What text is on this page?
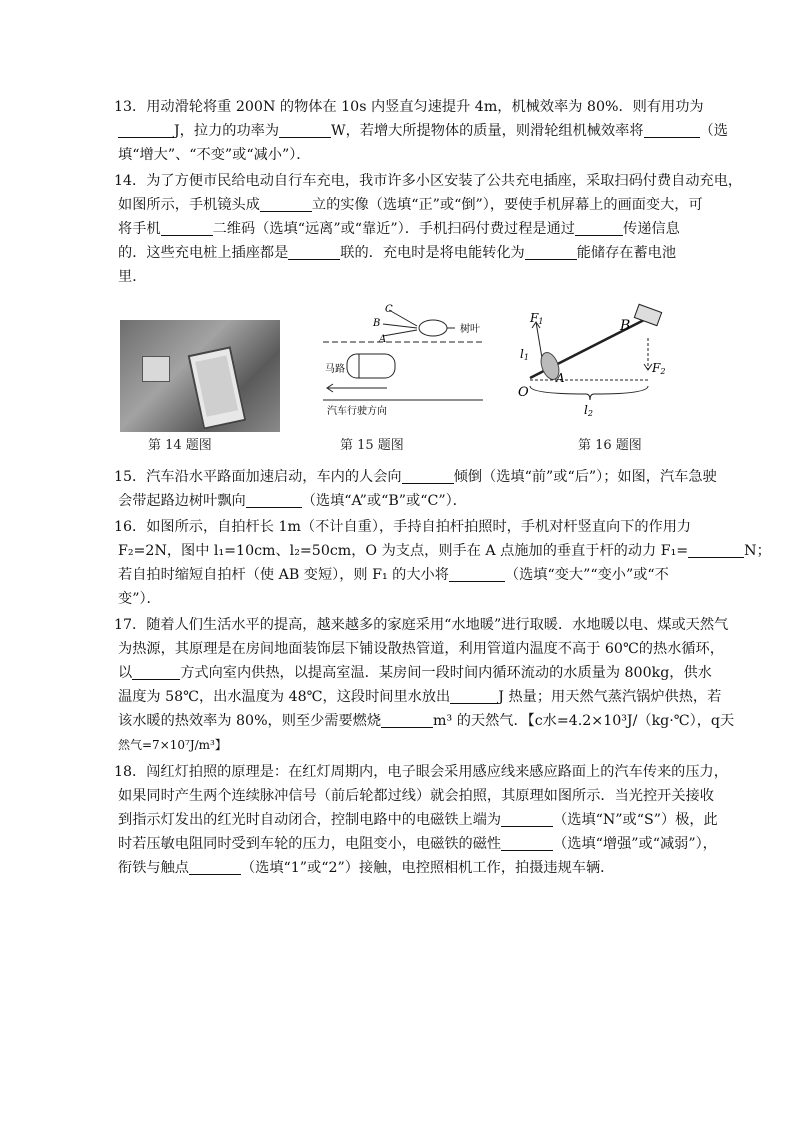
13．用动滑轮将重 200N 的物体在 10s 内竖直匀速提升 4m，机械效率为 80%．则有用功为
J，拉力的功率为	W，若增大所提物体的质量，则滑轮组机械效率将	（选
填“增大”、“不变”或“减小”）．
14．为了方便市民给电动自行车充电，我市许多小区安装了公共充电插座，采取扫码付费自动充电，
如图所示，手机镜头成	立的实像（选填“正”或“倒”），要使手机屏幕上的画面变大，可
将手机	二维码（选填“远离”或“靠近”）．手机扫码付费过程是通过	传递信息
的．这些充电桩上插座都是	联的．充电时是将电能转化为	能储存在蓄电池
里．
第 14 题图
A
B
C
树叶
马路
汽车行驶方向
第 15 题图
F1
l1
A
B
F2
O
l2
第 16 题图
15．汽车沿水平路面加速启动，车内的人会向	倾倒（选填“前”或“后”）；如图，汽车急驶
会带起路边树叶飘向	（选填“A”或“B”或“C”）．
16．如图所示，自拍杆长 1m（不计自重），手持自拍杆拍照时，手机对杆竖直向下的作用力
F₂=2N，图中 l₁=10cm、l₂=50cm，O 为支点，则手在 A 点施加的垂直于杆的动力 F₁=	N；
若自拍时缩短自拍杆（使 AB 变短），则 F₁ 的大小将	（选填“变大”“变小”或“不
变”）．
17．随着人们生活水平的提高，越来越多的家庭采用“水地暖”进行取暖．水地暖以电、煤或天然气
为热源，其原理是在房间地面装饰层下铺设散热管道，利用管道内温度不高于 60℃的热水循环，
以	方式向室内供热，以提高室温．某房间一段时间内循环流动的水质量为 800kg，供水
温度为 58℃，出水温度为 48℃，这段时间里水放出	J 热量；用天然气蒸汽锅炉供热，若
该水暖的热效率为 80%，则至少需要燃烧	m³ 的天然气．【c水=4.2×10³J/（kg·℃），q天
然气=7×10⁷J/m³】
18．闯红灯拍照的原理是：在红灯周期内，电子眼会采用感应线来感应路面上的汽车传来的压力，
如果同时产生两个连续脉冲信号（前后轮都过线）就会拍照，其原理如图所示．当光控开关接收
到指示灯发出的红光时自动闭合，控制电路中的电磁铁上端为	（选填“N”或“S”）极，此
时若压敏电阻同时受到车轮的压力，电阻变小，电磁铁的磁性	（选填“增强”或“减弱”），
衔铁与触点	（选填“1”或“2”）接触，电控照相机工作，拍摄违规车辆．
